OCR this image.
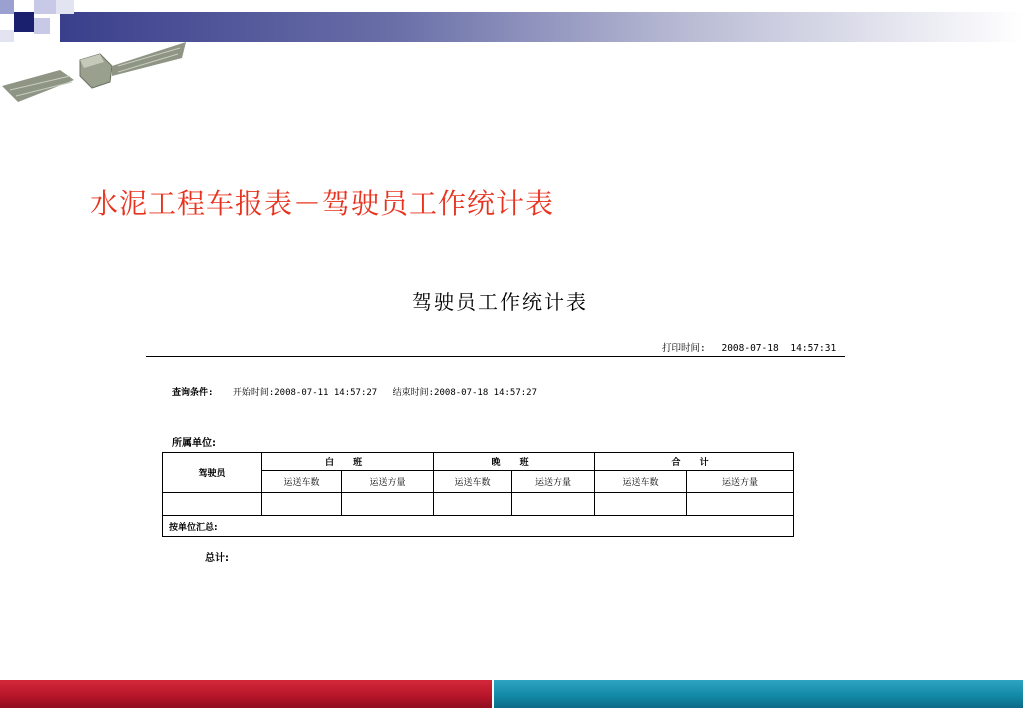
水泥工程车报表－驾驶员工作统计表
驾驶员工作统计表
打印时间: 2008-07-18 14:57:31
查询条件: 开始时间:2008-07-11 14:57:27 结束时间:2008-07-18 14:57:27
所属单位:
驾驶员	白 班		晚 班		合 计	
	运送车数	运送方量	运送车数	运送方量	运送车数	运送方量

按单位汇总:						
总计:
